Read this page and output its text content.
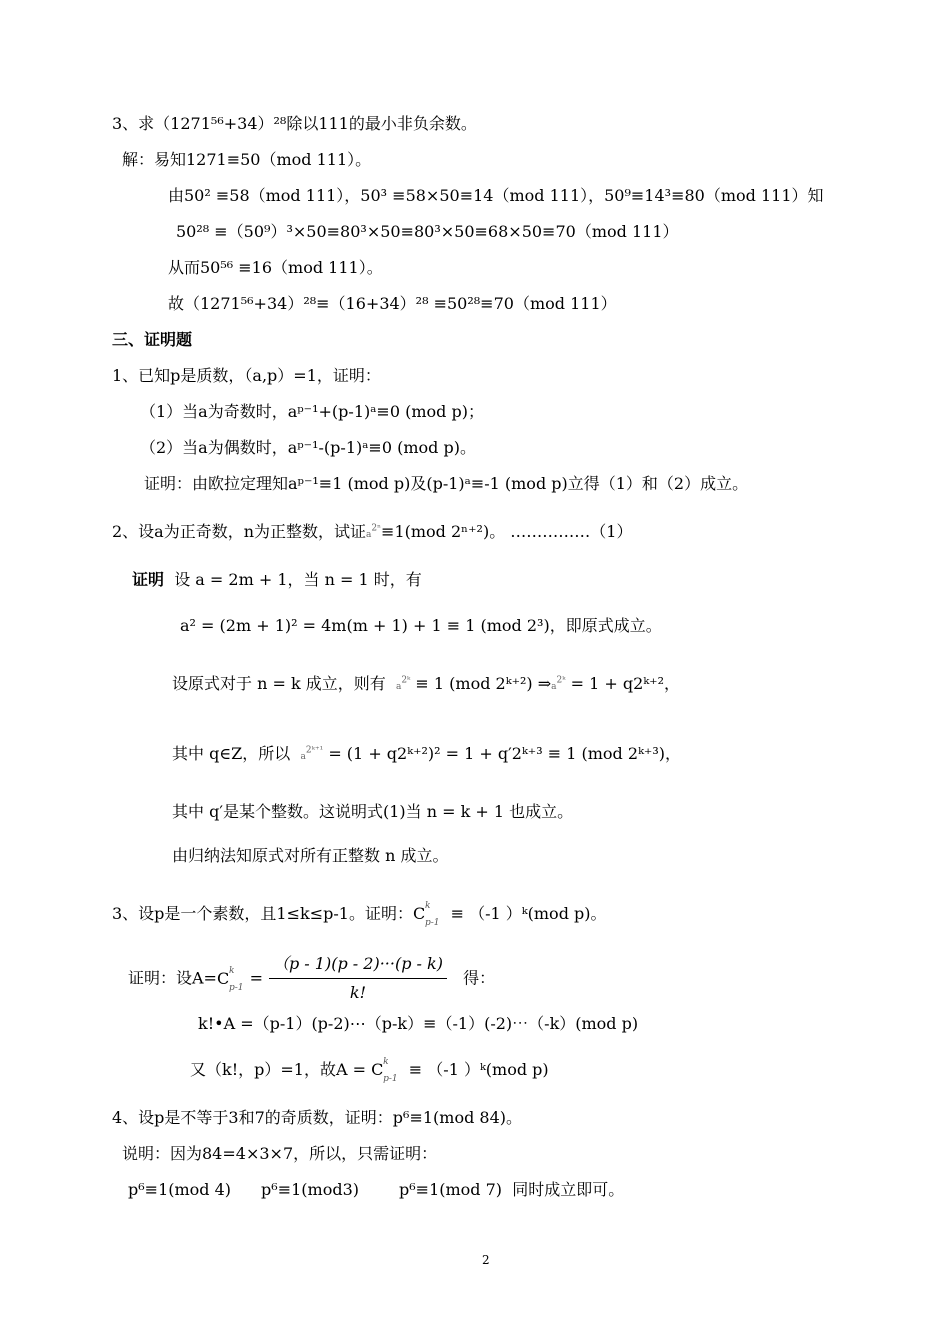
3、求（1271⁵⁶+34）²⁸除以111的最小非负余数。
解：易知1271≡50（mod 111）。
由50² ≡58（mod 111），50³ ≡58×50≡14（mod 111），50⁹≡14³≡80（mod 111）知
50²⁸ ≡（50⁹）³×50≡80³×50≡80³×50≡68×50≡70（mod 111）
从而50⁵⁶ ≡16（mod 111）。
故（1271⁵⁶+34）²⁸≡（16+34）²⁸ ≡50²⁸≡70（mod 111）
三、证明题
1、已知p是质数，（a,p）=1，证明：
（1）当a为奇数时，aᵖ⁻¹+(p-1)ᵃ≡0 (mod p)；
（2）当a为偶数时，aᵖ⁻¹-(p-1)ᵃ≡0 (mod p)。
证明：由欧拉定理知aᵖ⁻¹≡1 (mod p)及(p-1)ᵃ≡-1 (mod p)立得（1）和（2）成立。
2、设a为正奇数，n为正整数，试证$a^{2^n}\equiv 1(mod$ 2ⁿ⁺²)。 ……………（1）
证明 设 a = 2m + 1，当 n = 1 时，有
a² = (2m + 1)² = 4m(m + 1) + 1 ≡ 1 (mod 2³)，即原式成立。
设原式对于 n = k 成立，则有 $a^{2ᵏ} \equiv 1$ (mod 2ᵏ⁺²) $\Rightarrow a^{2ᵏ} = 1$ + q2ᵏ⁺²，
其中 q∈Z，所以 $a^{2ᵏ^{+1}} = (1$ + q2ᵏ⁺²)² = 1 + q′2ᵏ⁺³ ≡ 1 (mod 2ᵏ⁺³)，
其中 q′是某个整数。这说明式(1)当 n = k + 1 也成立。
由归纳法知原式对所有正整数 n 成立。
3、设p是一个素数，且1≤k≤p-1。证明：C k
p-1 ≡ （-1 ）ᵏ(mod p)。
证明：设A=C k
$p-1 = \frac{(p - 1)(p - 2)\cdot\cdot\cdot(p - k)}{k!}$ 得：
k!•A =（p-1）(p-2)⋯（p-k）≡（-1）(-2)⋯（-k）(mod p)
又（k!，p）=1，故A = C k
p-1 ≡ （-1 ）ᵏ(mod p)
4、设p是不等于3和7的奇质数，证明：p⁶≡1(mod 84)。
说明：因为84=4×3×7，所以，只需证明：
p⁶≡1(mod 4) p⁶≡1(mod3)	p⁶≡1(mod 7) 同时成立即可。
2
